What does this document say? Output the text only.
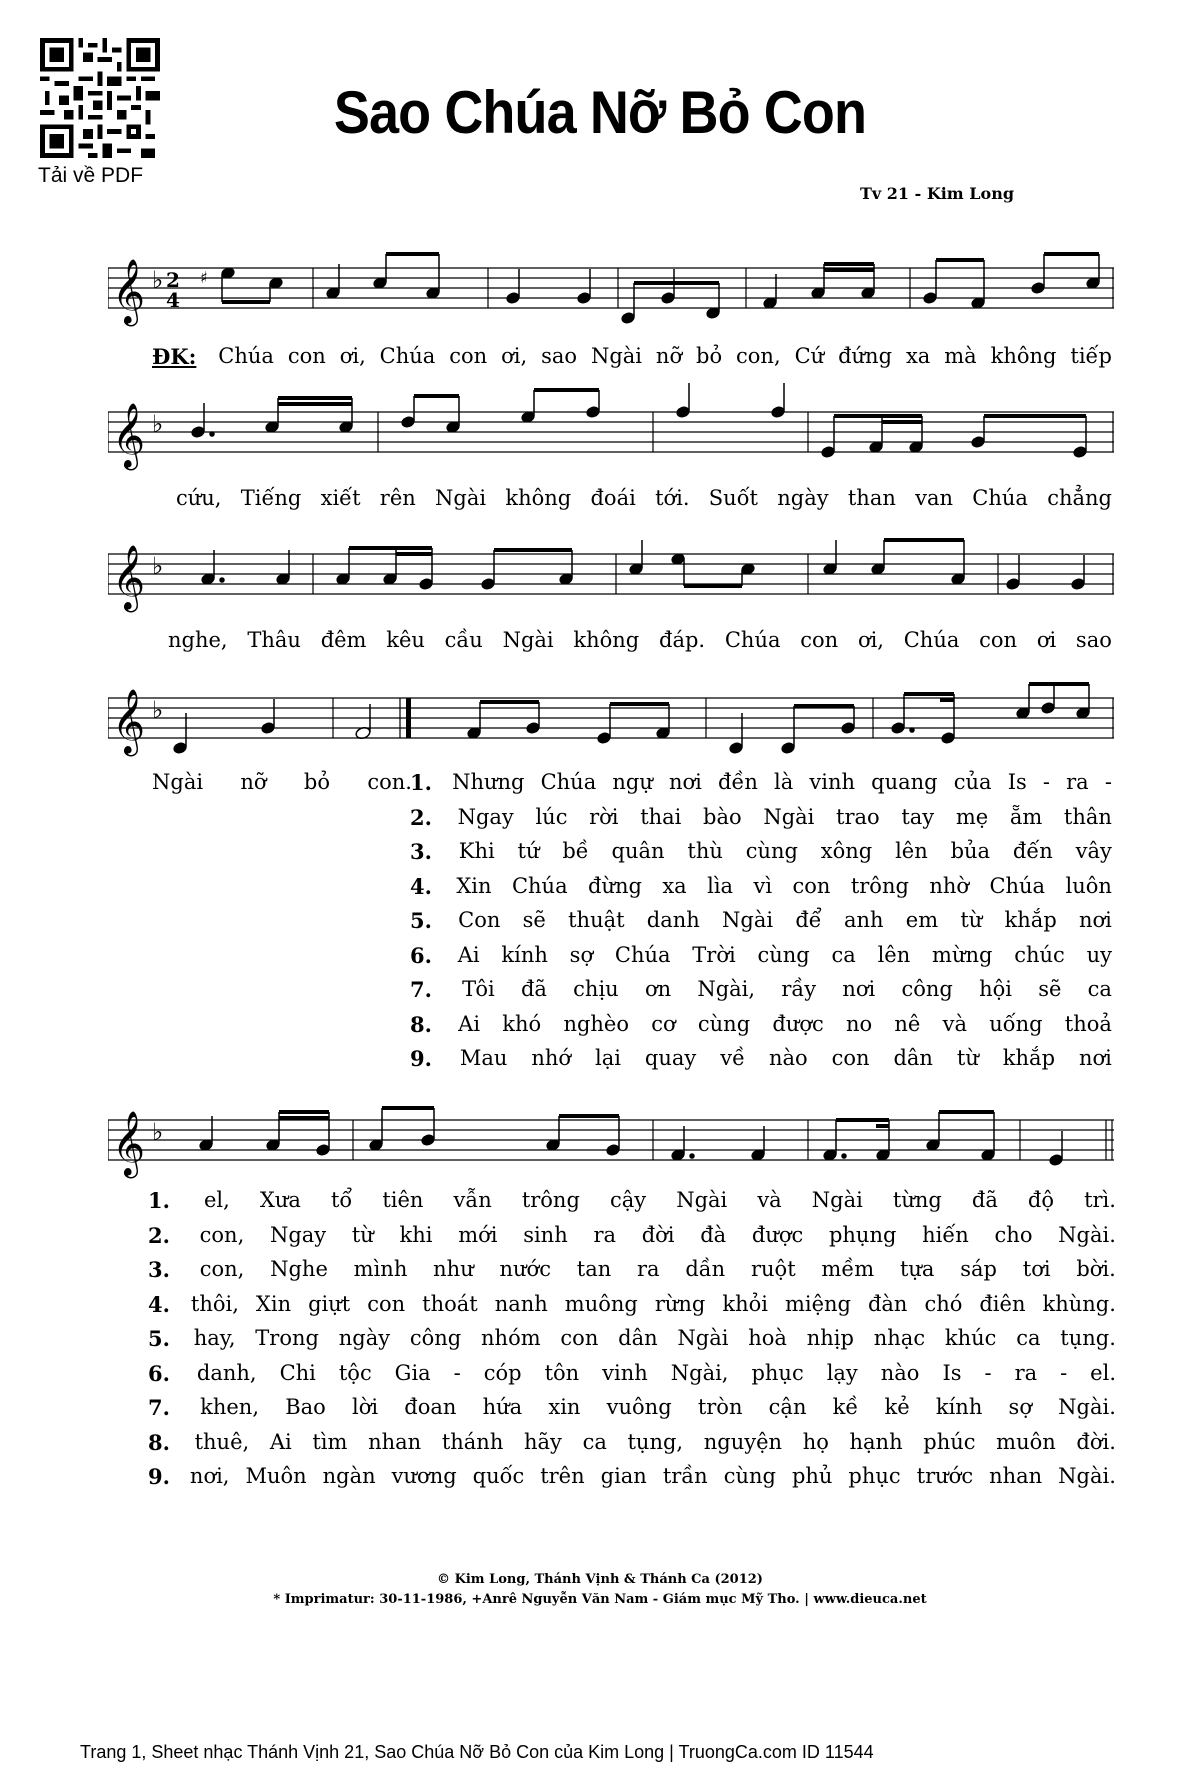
Tải về PDF
Sao Chúa Nỡ Bỏ Con
Tv 21 - Kim Long
𝄞 ♭ 2
4
♯
ĐK: Chúa con ơi, Chúa con ơi, sao Ngài nỡ bỏ con, Cứ đứng xa mà không tiếp
𝄞 ♭
cứu, Tiếng xiết rên Ngài không đoái tới. Suốt ngày than van Chúa chẳng
𝄞 ♭
nghe, Thâu đêm kêu cầu Ngài không đáp. Chúa con ơi, Chúa con ơi sao
𝄞 ♭
Ngài nỡ bỏ con.
1. Nhưng Chúa ngự nơi đền là vinh quang của Is - ra -
2. Ngay lúc rời thai bào Ngài trao tay mẹ ẵm thân
3. Khi tứ bề quân thù cùng xông lên bủa đến vây
4. Xin Chúa đừng xa lìa vì con trông nhờ Chúa luôn
5. Con sẽ thuật danh Ngài để anh em từ khắp nơi
6. Ai kính sợ Chúa Trời cùng ca lên mừng chúc uy
7. Tôi đã chịu ơn Ngài, rầy nơi công hội sẽ ca
8. Ai khó nghèo cơ cùng được no nê và uống thoả
9. Mau nhớ lại quay về nào con dân từ khắp nơi
𝄞 ♭
1. el, Xưa tổ tiên vẫn trông cậy Ngài và Ngài từng đã độ trì.
2. con, Ngay từ khi mới sinh ra đời đà được phụng hiến cho Ngài.
3. con, Nghe mình như nước tan ra dần ruột mềm tựa sáp tơi bời.
4. thôi, Xin giựt con thoát nanh muông rừng khỏi miệng đàn chó điên khùng.
5. hay, Trong ngày công nhóm con dân Ngài hoà nhịp nhạc khúc ca tụng.
6. danh, Chi tộc Gia - cóp tôn vinh Ngài, phục lạy nào Is - ra - el.
7. khen, Bao lời đoan hứa xin vuông tròn cận kề kẻ kính sợ Ngài.
8. thuê, Ai tìm nhan thánh hãy ca tụng, nguyện họ hạnh phúc muôn đời.
9. nơi, Muôn ngàn vương quốc trên gian trần cùng phủ phục trước nhan Ngài.
© Kim Long, Thánh Vịnh & Thánh Ca (2012)
* Imprimatur: 30-11-1986, +Anrê Nguyễn Văn Nam - Giám mục Mỹ Tho. | www.dieuca.net
Trang 1, Sheet nhạc Thánh Vịnh 21, Sao Chúa Nỡ Bỏ Con của Kim Long | TruongCa.com ID 11544
